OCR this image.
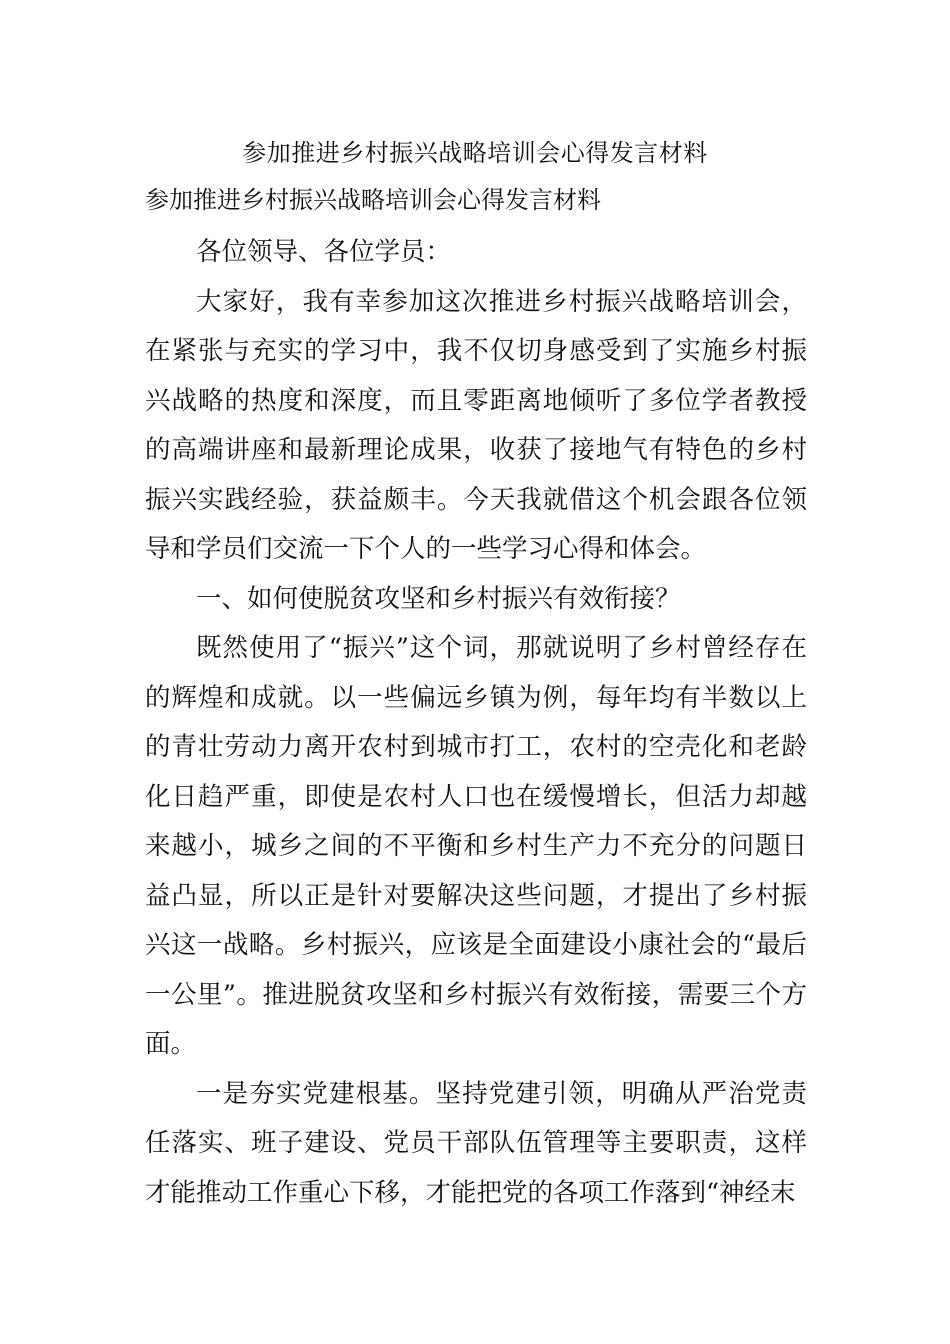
参加推进乡村振兴战略培训会心得发言材料
参加推进乡村振兴战略培训会心得发言材料

各位领导、各位学员：

大家好，我有幸参加这次推进乡村振兴战略培训会，在紧张与充实的学习中，我不仅切身感受到了实施乡村振兴战略的热度和深度，而且零距离地倾听了多位学者教授的高端讲座和最新理论成果，收获了接地气有特色的乡村振兴实践经验，获益颇丰。今天我就借这个机会跟各位领导和学员们交流一下个人的一些学习心得和体会。

一、如何使脱贫攻坚和乡村振兴有效衔接？

既然使用了“振兴”这个词，那就说明了乡村曾经存在的辉煌和成就。以一些偏远乡镇为例，每年均有半数以上的青壮劳动力离开农村到城市打工，农村的空壳化和老龄化日趋严重，即使是农村人口也在缓慢增长，但活力却越来越小，城乡之间的不平衡和乡村生产力不充分的问题日益凸显，所以正是针对要解决这些问题，才提出了乡村振兴这一战略。乡村振兴，应该是全面建设小康社会的“最后一公里”。推进脱贫攻坚和乡村振兴有效衔接，需要三个方面。

一是夯实党建根基。坚持党建引领，明确从严治党责任落实、班子建设、党员干部队伍管理等主要职责，这样才能推动工作重心下移，才能把党的各项工作落到“神经末
